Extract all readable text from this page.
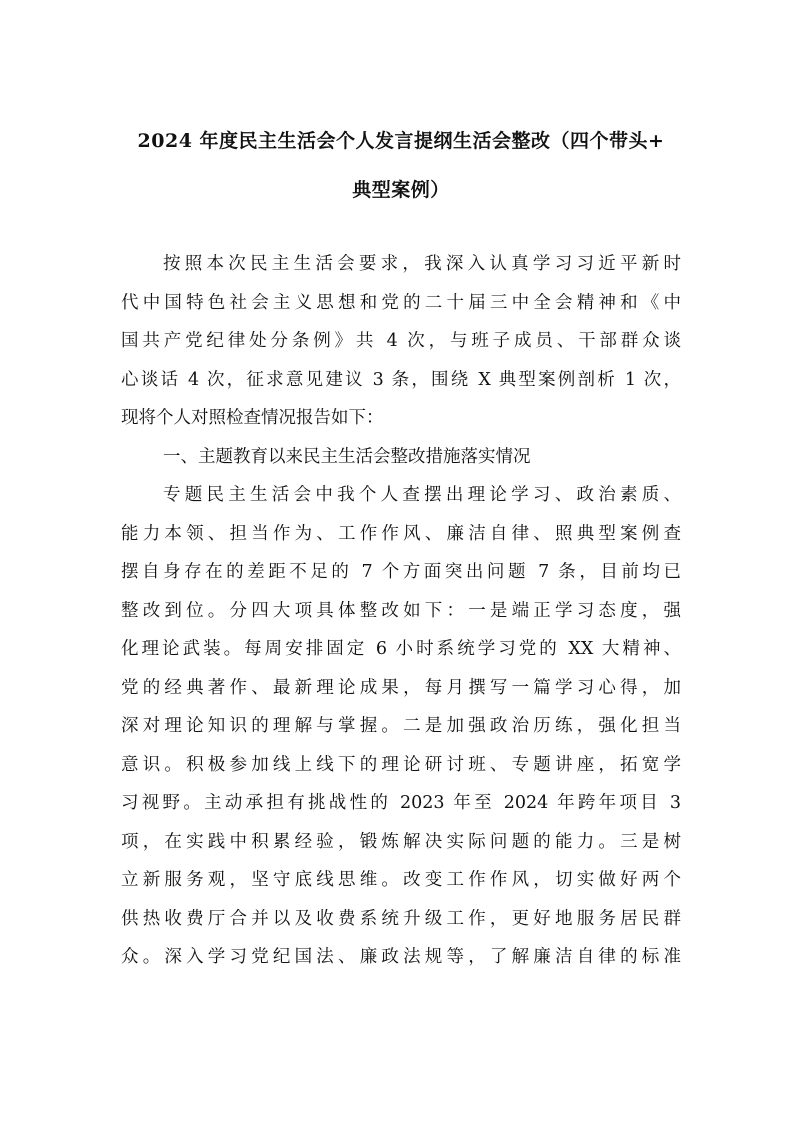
2024 年度民主生活会个人发言提纲生活会整改（四个带头+
典型案例）
按照本次民主生活会要求，我深入认真学习习近平新时
代中国特色社会主义思想和党的二十届三中全会精神和《中
国共产党纪律处分条例》共 4 次，与班子成员、干部群众谈
心谈话 4 次，征求意见建议 3 条，围绕 X 典型案例剖析 1 次，
现将个人对照检查情况报告如下：
一、主题教育以来民主生活会整改措施落实情况
专题民主生活会中我个人查摆出理论学习、政治素质、
能力本领、担当作为、工作作风、廉洁自律、照典型案例查
摆自身存在的差距不足的 7 个方面突出问题 7 条，目前均已
整改到位。分四大项具体整改如下：一是端正学习态度，强
化理论武装。每周安排固定 6 小时系统学习党的 XX 大精神、
党的经典著作、最新理论成果，每月撰写一篇学习心得，加
深对理论知识的理解与掌握。二是加强政治历练，强化担当
意识。积极参加线上线下的理论研讨班、专题讲座，拓宽学
习视野。主动承担有挑战性的 2023 年至 2024 年跨年项目 3
项，在实践中积累经验，锻炼解决实际问题的能力。三是树
立新服务观，坚守底线思维。改变工作作风，切实做好两个
供热收费厅合并以及收费系统升级工作，更好地服务居民群
众。深入学习党纪国法、廉政法规等，了解廉洁自律的标准
